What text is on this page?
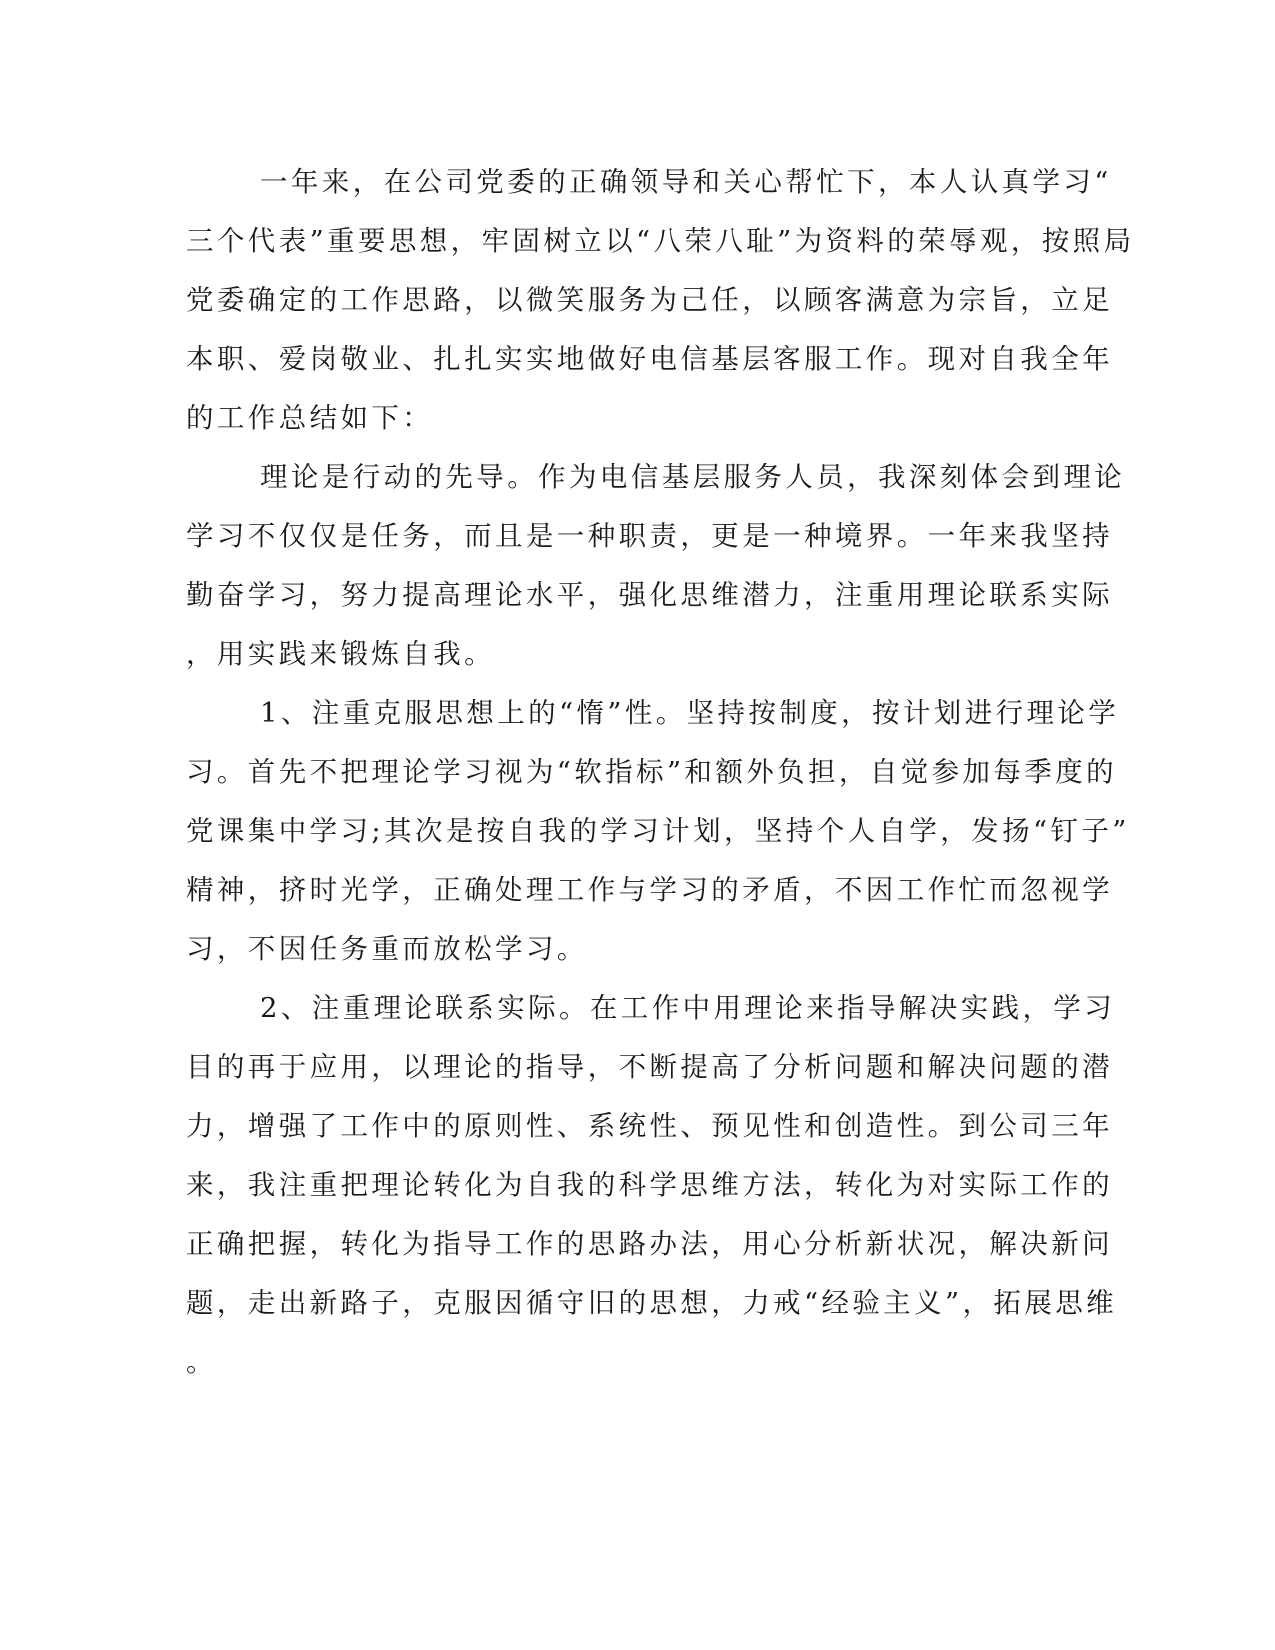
一年来，在公司党委的正确领导和关心帮忙下，本人认真学习“
三个代表”重要思想，牢固树立以“八荣八耻”为资料的荣辱观，按照局
党委确定的工作思路，以微笑服务为己任，以顾客满意为宗旨，立足
本职、爱岗敬业、扎扎实实地做好电信基层客服工作。现对自我全年
的工作总结如下：
理论是行动的先导。作为电信基层服务人员，我深刻体会到理论
学习不仅仅是任务，而且是一种职责，更是一种境界。一年来我坚持
勤奋学习，努力提高理论水平，强化思维潜力，注重用理论联系实际
，用实践来锻炼自我。
1、注重克服思想上的“惰”性。坚持按制度，按计划进行理论学
习。首先不把理论学习视为“软指标”和额外负担，自觉参加每季度的
党课集中学习;其次是按自我的学习计划，坚持个人自学，发扬“钉子”
精神，挤时光学，正确处理工作与学习的矛盾，不因工作忙而忽视学
习，不因任务重而放松学习。
2、注重理论联系实际。在工作中用理论来指导解决实践，学习
目的再于应用，以理论的指导，不断提高了分析问题和解决问题的潜
力，增强了工作中的原则性、系统性、预见性和创造性。到公司三年
来，我注重把理论转化为自我的科学思维方法，转化为对实际工作的
正确把握，转化为指导工作的思路办法，用心分析新状况，解决新问
题，走出新路子，克服因循守旧的思想，力戒“经验主义”，拓展思维
。
